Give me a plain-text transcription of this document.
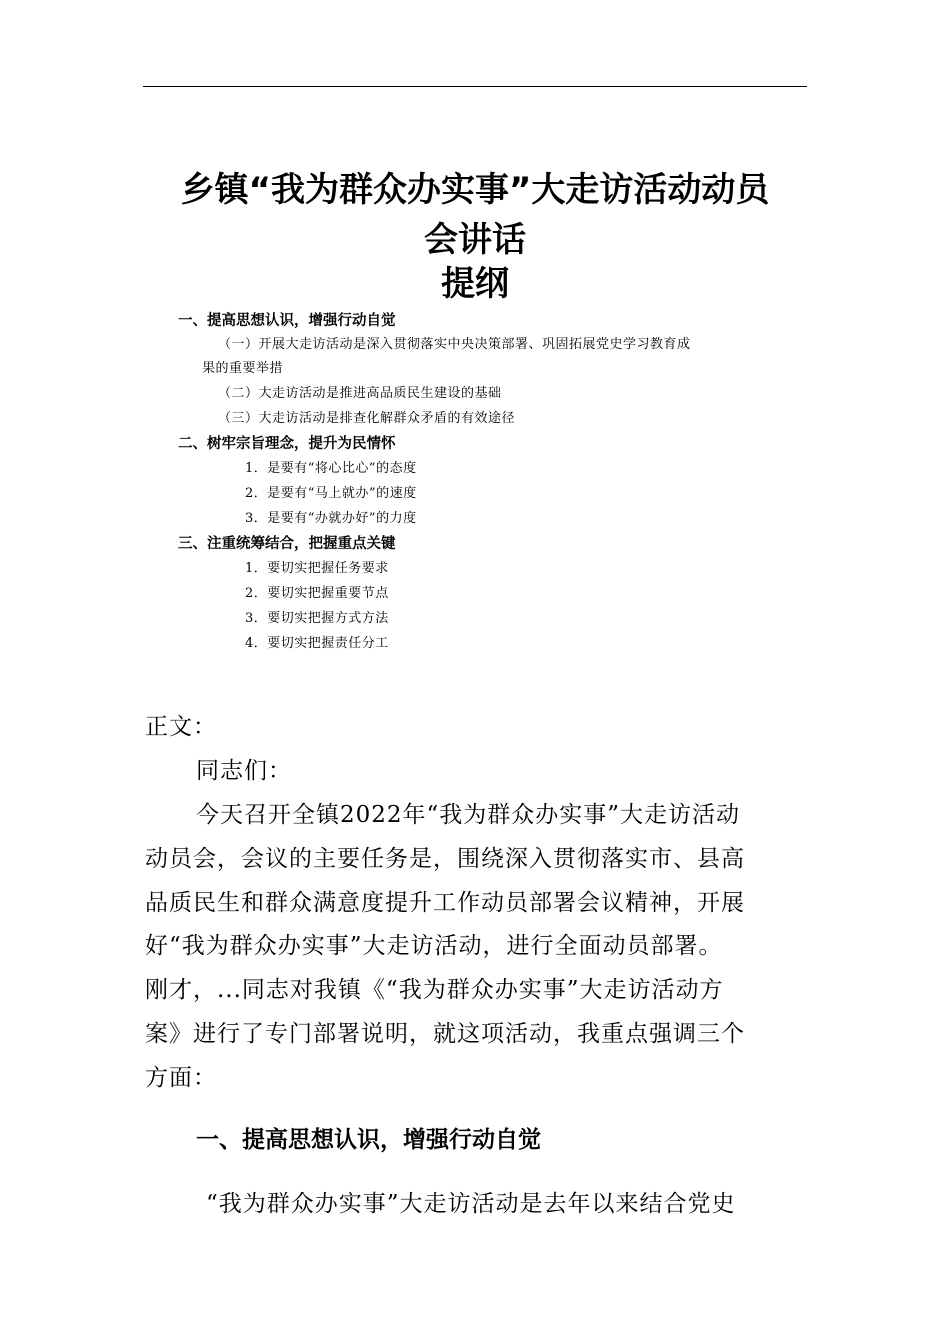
乡镇“我为群众办实事”大走访活动动员
会讲话
提纲
一、提高思想认识，增强行动自觉
（一）开展大走访活动是深入贯彻落实中央决策部署、巩固拓展党史学习教育成
果的重要举措
（二）大走访活动是推进高品质民生建设的基础
（三）大走访活动是排查化解群众矛盾的有效途径
二、树牢宗旨理念，提升为民情怀
1．是要有“将心比心”的态度
2．是要有“马上就办”的速度
3．是要有“办就办好”的力度
三、注重统筹结合，把握重点关键
1．要切实把握任务要求
2．要切实把握重要节点
3．要切实把握方式方法
4．要切实把握责任分工
正文：
同志们：
今天召开全镇2022年“我为群众办实事”大走访活动
动员会，会议的主要任务是，围绕深入贯彻落实市、县高
品质民生和群众满意度提升工作动员部署会议精神，开展
好“我为群众办实事”大走访活动，进行全面动员部署。
刚才，...同志对我镇《“我为群众办实事”大走访活动方
案》进行了专门部署说明，就这项活动，我重点强调三个
方面：
一、提高思想认识，增强行动自觉
“我为群众办实事”大走访活动是去年以来结合党史
